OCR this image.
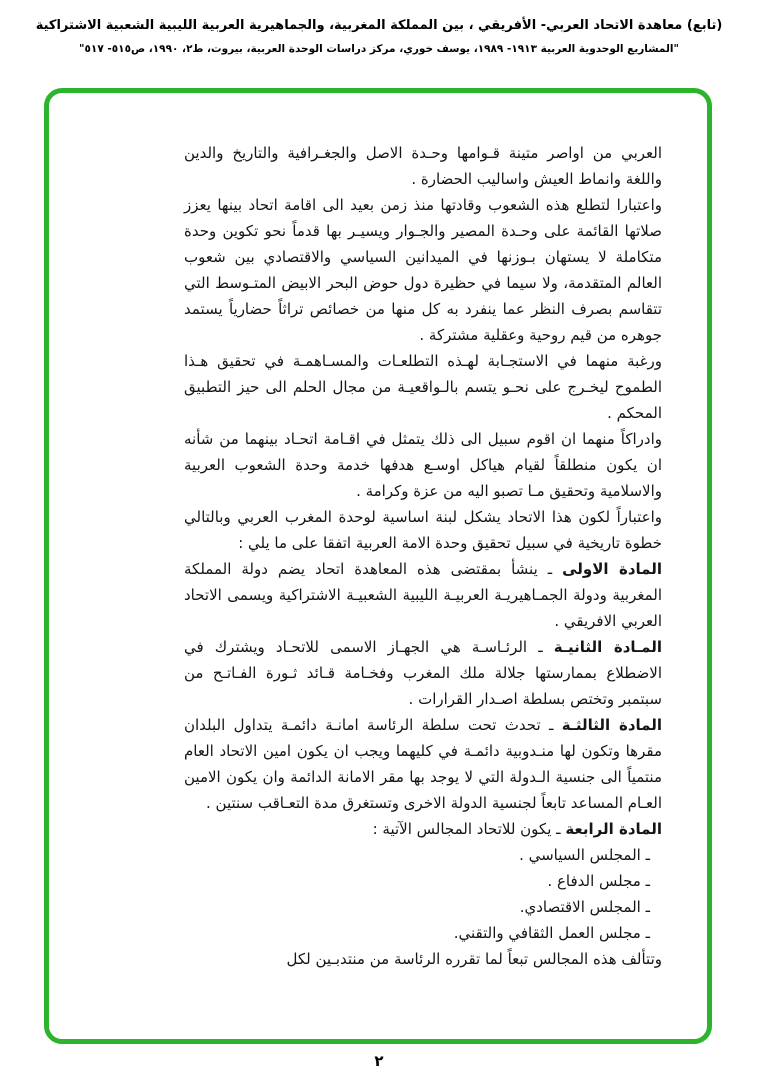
(تابع) معاهدة الاتحاد العربي- الأفريقي ، بين المملكة المغربية، والجماهيرية العربية الليبية الشعبية الاشتراكية
"المشاريع الوحدوية العربية ١٩١٣- ١٩٨٩، يوسف خوري، مركز دراسات الوحدة العربية، بيروت، ط٢، ١٩٩٠، ص٥١٥- ٥١٧"

العربي من اواصر متينة قـوامها وحـدة الاصل والجغـرافية والتاريخ والدين واللغة وانماط العيش واساليب الحضارة .

واعتبارا لتطلع هذه الشعوب وقادتها منذ زمن بعيد الى اقامة اتحاد بينها يعزز صلاتها القائمة على وحـدة المصير والجـوار ويسيـر بها قدماً نحو تكوين وحدة متكاملة لا يستهان بـوزنها في الميدانين السياسي والاقتصادي بين شعوب العالم المتقدمة، ولا سيما في حظيرة دول حوض البحر الابيض المتـوسط التي تتقاسم بصرف النظر عما ينفرد به كل منها من خصائص تراثاً حضارياً يستمد جوهره من قيم روحية وعقلية مشتركة .

ورغبة منهما في الاستجـابة لهـذه التطلعـات والمسـاهمـة في تحقيق هـذا الطموح ليخـرج على نحـو يتسم بالـواقعيـة من مجال الحلم الى حيز التطبيق المحكم .

وادراكاً منهما ان اقوم سبيل الى ذلك يتمثل في اقـامة اتحـاد بينهما من شأنه ان يكون منطلقاً لقيام هياكل اوسـع هدفها خدمة وحدة الشعوب العربية والاسلامية وتحقيق مـا تصبو اليه من عزة وكرامة .

واعتباراً لكون هذا الاتحاد يشكل لبنة اساسية لوحدة المغرب العربي وبالتالي خطوة تاريخية في سبيل تحقيق وحدة الامة العربية اتفقا على ما يلي :

المادة الاولى ـ ينشأ بمقتضى هذه المعاهدة اتحاد يضم دولة المملكة المغربية ودولة الجمـاهيريـة العربيـة الليبية الشعبيـة الاشتراكية ويسمى الاتحاد العربي الافريقي .

المـادة الثانيـة ـ الرئـاسـة هي الجهـاز الاسمى للاتحـاد ويشترك في الاضطلاع بممارستها جلالة ملك المغرب وفخـامة قـائد ثـورة الفـاتـح من سبتمبر وتختص بسلطة اصـدار القرارات .

المادة الثالثـة ـ تحدث تحت سلطة الرئاسة امانـة دائمـة يتداول البلدان مقرها وتكون لها منـدوبية دائمـة في كليهما ويجب ان يكون امين الاتحاد العام منتمياً الى جنسية الـدولة التي لا يوجد بها مقر الامانة الدائمة وان يكون الامين العـام المساعد تابعاً لجنسية الدولة الاخرى وتستغرق مدة التعـاقب سنتين .

المادة الرابعة ـ يكون للاتحاد المجالس الآتية :

ـ المجلس السياسي .

ـ مجلس الدفاع .

ـ المجلس الاقتصادي.

ـ مجلس العمل الثقافي والتقني.

وتتألف هذه المجالس تبعاً لما تقرره الرئاسة من منتدبـين لكل

٢
